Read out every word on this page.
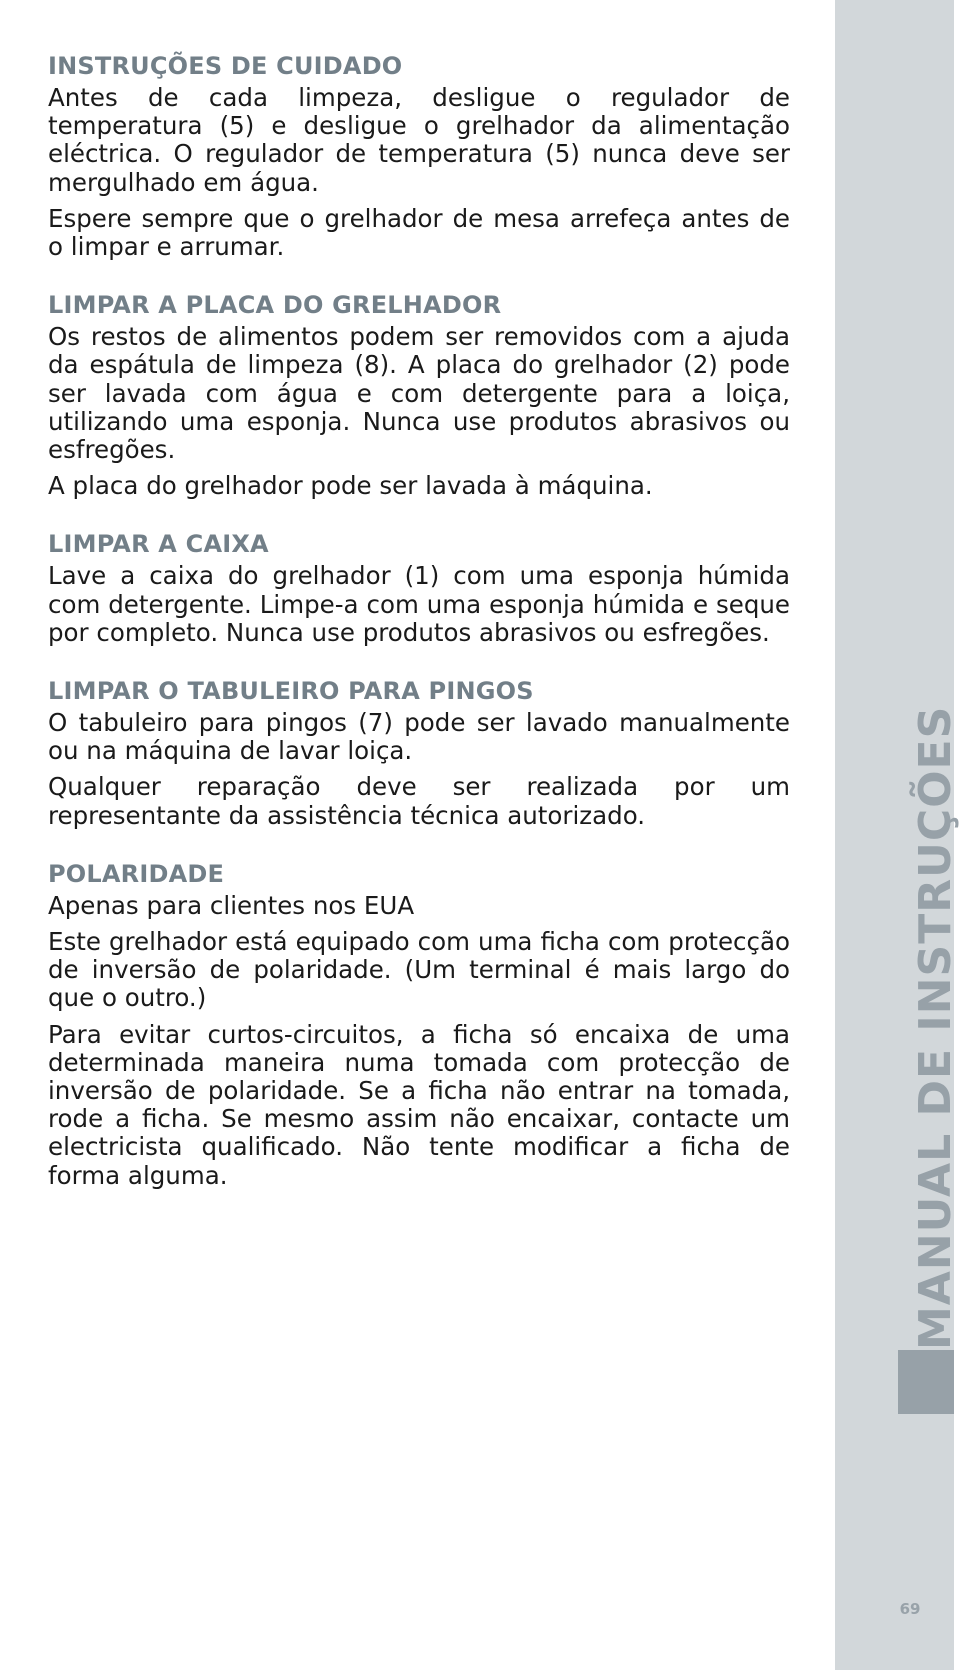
INSTRUÇÕES DE CUIDADO

Antes de cada limpeza, desligue o regulador de temperatura (5) e desligue o grelhador da alimentação eléctrica. O regulador de temperatura (5) nunca deve ser mergulhado em água.

Espere sempre que o grelhador de mesa arrefeça antes de o limpar e arrumar.

LIMPAR A PLACA DO GRELHADOR

Os restos de alimentos podem ser removidos com a ajuda da espátula de limpeza (8). A placa do grelhador (2) pode ser lavada com água e com detergente para a loiça, utilizando uma esponja. Nunca use produtos abrasivos ou esfregões.

A placa do grelhador pode ser lavada à máquina.

LIMPAR A CAIXA

Lave a caixa do grelhador (1) com uma esponja húmida com detergente. Limpe-a com uma esponja húmida e seque por completo. Nunca use produtos abrasivos ou esfregões.

LIMPAR O TABULEIRO PARA PINGOS

O tabuleiro para pingos (7) pode ser lavado manualmente ou na máquina de lavar loiça.

Qualquer reparação deve ser realizada por um representante da assistência técnica autorizado.

POLARIDADE

Apenas para clientes nos EUA

Este grelhador está equipado com uma ficha com protecção de inversão de polaridade. (Um terminal é mais largo do que o outro.)

Para evitar curtos-circuitos, a ficha só encaixa de uma determinada maneira numa tomada com protecção de inversão de polaridade. Se a ficha não entrar na tomada, rode a ficha. Se mesmo assim não encaixar, contacte um electricista qualificado. Não tente modificar a ficha de forma alguma.	MANUAL DE INSTRUÇÕES
69
